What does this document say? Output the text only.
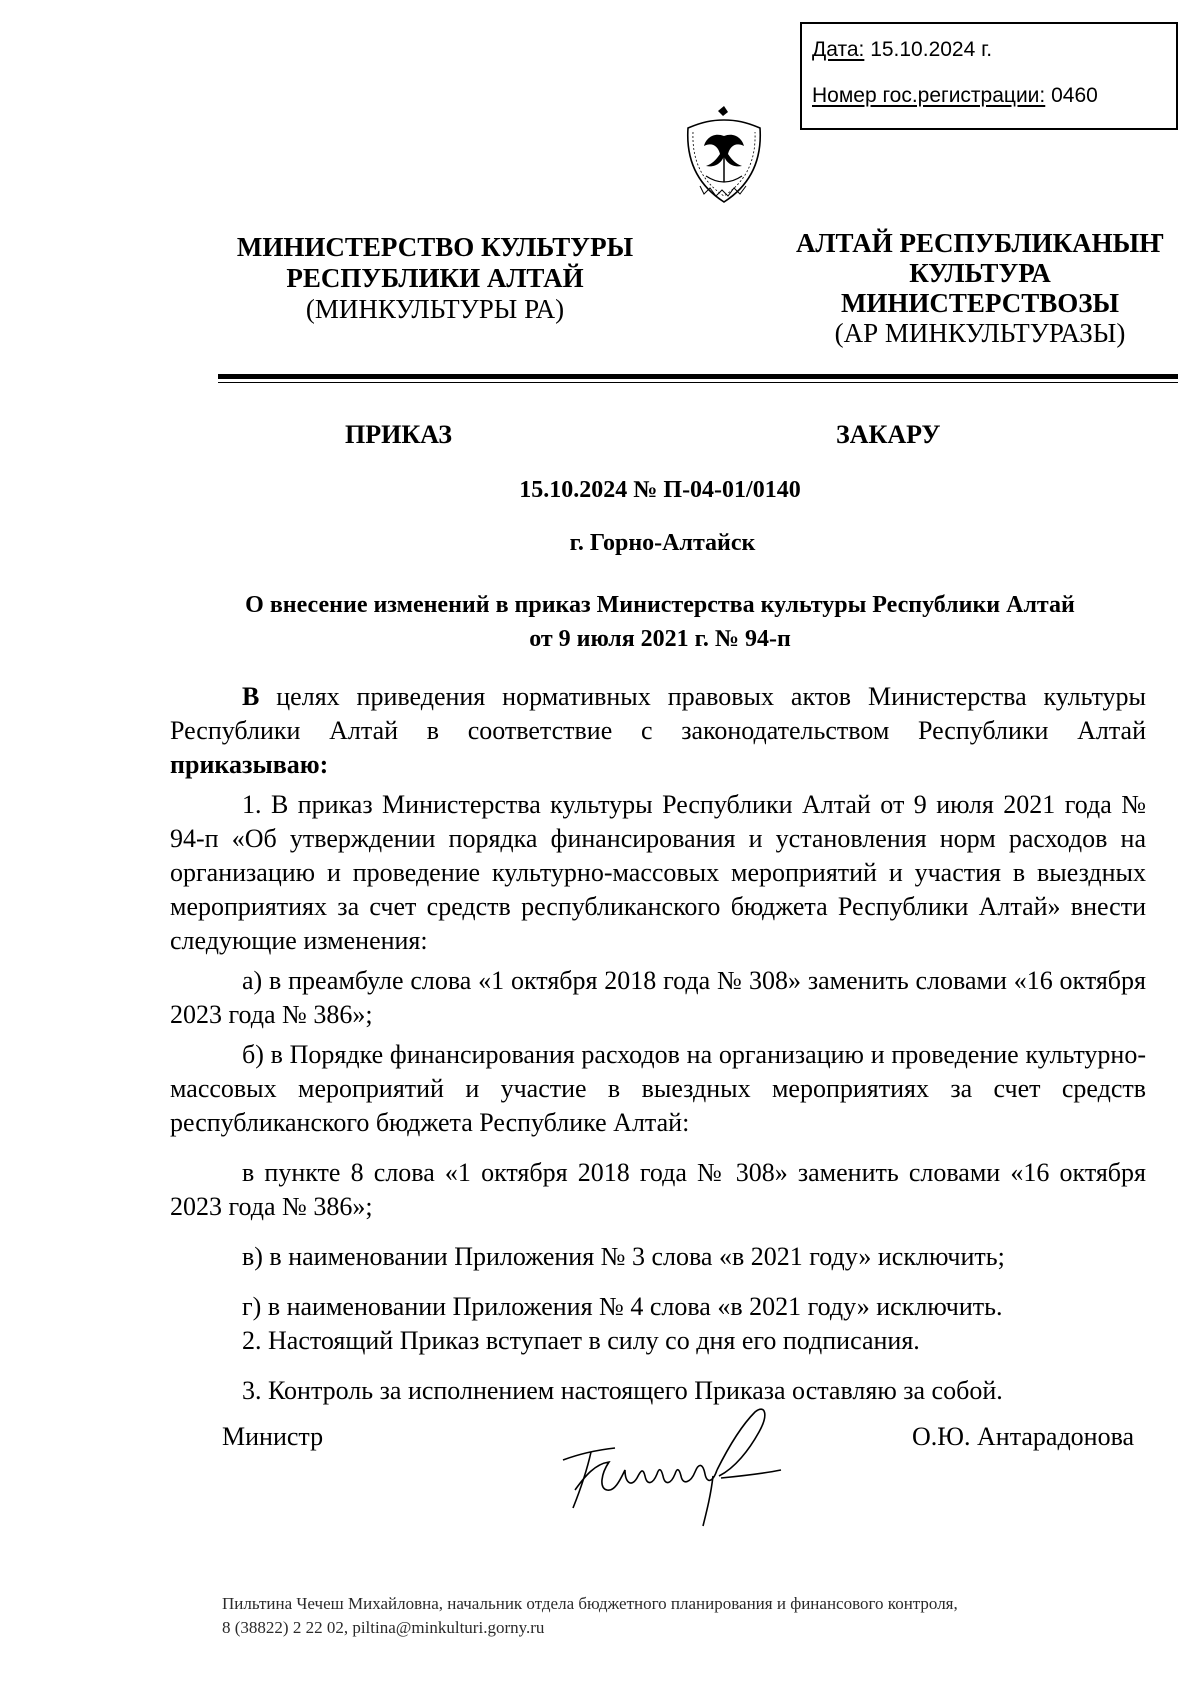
Дата: 15.10.2024 г.
Номер гос.регистрации: 0460
МИНИСТЕРСТВО КУЛЬТУРЫ
РЕСПУБЛИКИ АЛТАЙ
(МИНКУЛЬТУРЫ РА)
АЛТАЙ РЕСПУБЛИКАНЫҤ
КУЛЬТУРА
МИНИСТЕРСТВОЗЫ
(АР МИНКУЛЬТУРАЗЫ)
ПРИКАЗ	ЗАКАРУ
15.10.2024 № П-04-01/0140
г. Горно-Алтайск
О внесение изменений в приказ Министерства культуры Республики Алтай
от 9 июля 2021 г. № 94-п

В целях приведения нормативных правовых актов Министерства культуры Республики Алтай в соответствие с законодательством Республики Алтай приказываю:

1. В приказ Министерства культуры Республики Алтай от 9 июля 2021 года № 94-п «Об утверждении порядка финансирования и установления норм расходов на организацию и проведение культурно-массовых мероприятий и участия в выездных мероприятиях за счет средств республиканского бюджета Республики Алтай» внести следующие изменения:

а) в преамбуле слова «1 октября 2018 года № 308» заменить словами «16 октября 2023 года № 386»;

б) в Порядке финансирования расходов на организацию и проведение культурно-массовых мероприятий и участие в выездных мероприятиях за счет средств республиканского бюджета Республике Алтай:

в пункте 8 слова «1 октября 2018 года № 308» заменить словами «16 октября 2023 года № 386»;

в) в наименовании Приложения № 3 слова «в 2021 году» исключить;

г) в наименовании Приложения № 4 слова «в 2021 году» исключить.

2. Настоящий Приказ вступает в силу со дня его подписания.

3. Контроль за исполнением настоящего Приказа оставляю за собой.

Министр	О.Ю. Антарадонова
Пильтина Чечеш Михайловна, начальник отдела бюджетного планирования и финансового контроля,
8 (38822) 2 22 02, piltina@minkulturi.gorny.ru
